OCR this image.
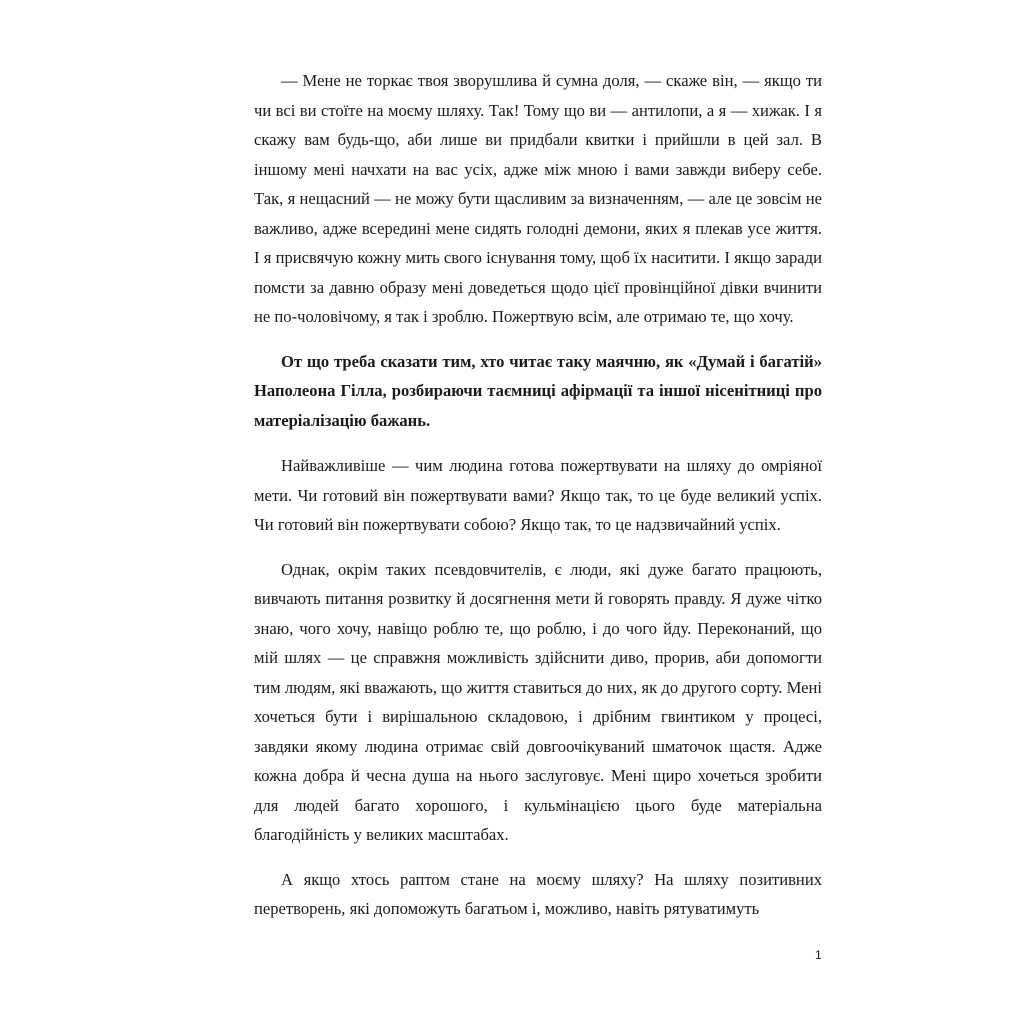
— Мене не торкає твоя зворушлива й сумна доля, — скаже він, — якщо ти чи всі ви стоїте на моєму шляху. Так! Тому що ви — антилопи, а я — хижак. І я скажу вам будь-що, аби лише ви придбали квитки і прийшли в цей зал. В іншому мені начхати на вас усіх, адже між мною і вами завжди виберу себе. Так, я нещасний — не можу бути щасливим за визначенням, — але це зовсім не важливо, адже всередині мене сидять голодні демони, яких я плекав усе життя. І я присвячую кожну мить свого існування тому, щоб їх наситити. І якщо заради помсти за давню образу мені доведеться щодо цієї провінційної дівки вчинити не по-чоловічому, я так і зроблю. Пожертвую всім, але отримаю те, що хочу.

От що треба сказати тим, хто читає таку маячню, як «Думай і багатій» Наполеона Гілла, розбираючи таємниці афірмації та іншої нісенітниці про матеріалізацію бажань.

Найважливіше — чим людина готова пожертвувати на шляху до омріяної мети. Чи готовий він пожертвувати вами? Якщо так, то це буде великий успіх. Чи готовий він пожертвувати собою? Якщо так, то це надзвичайний успіх.

Однак, окрім таких псевдовчителів, є люди, які дуже багато працюють, вивчають питання розвитку й досягнення мети й говорять правду. Я дуже чітко знаю, чого хочу, навіщо роблю те, що роблю, і до чого йду. Переконаний, що мій шлях — це справжня можливість здійснити диво, прорив, аби допомогти тим людям, які вважають, що життя ставиться до них, як до другого сорту. Мені хочеться бути і вирішальною складовою, і дрібним гвинтиком у процесі, завдяки якому людина отримає свій довгоочікуваний шматочок щастя. Адже кожна добра й чесна душа на нього заслуговує. Мені щиро хочеться зробити для людей багато хорошого, і кульмінацією цього буде матеріальна благодійність у великих масштабах.

А якщо хтось раптом стане на моєму шляху? На шляху позитивних перетворень, які допоможуть багатьом і, можливо, навіть рятуватимуть

1
